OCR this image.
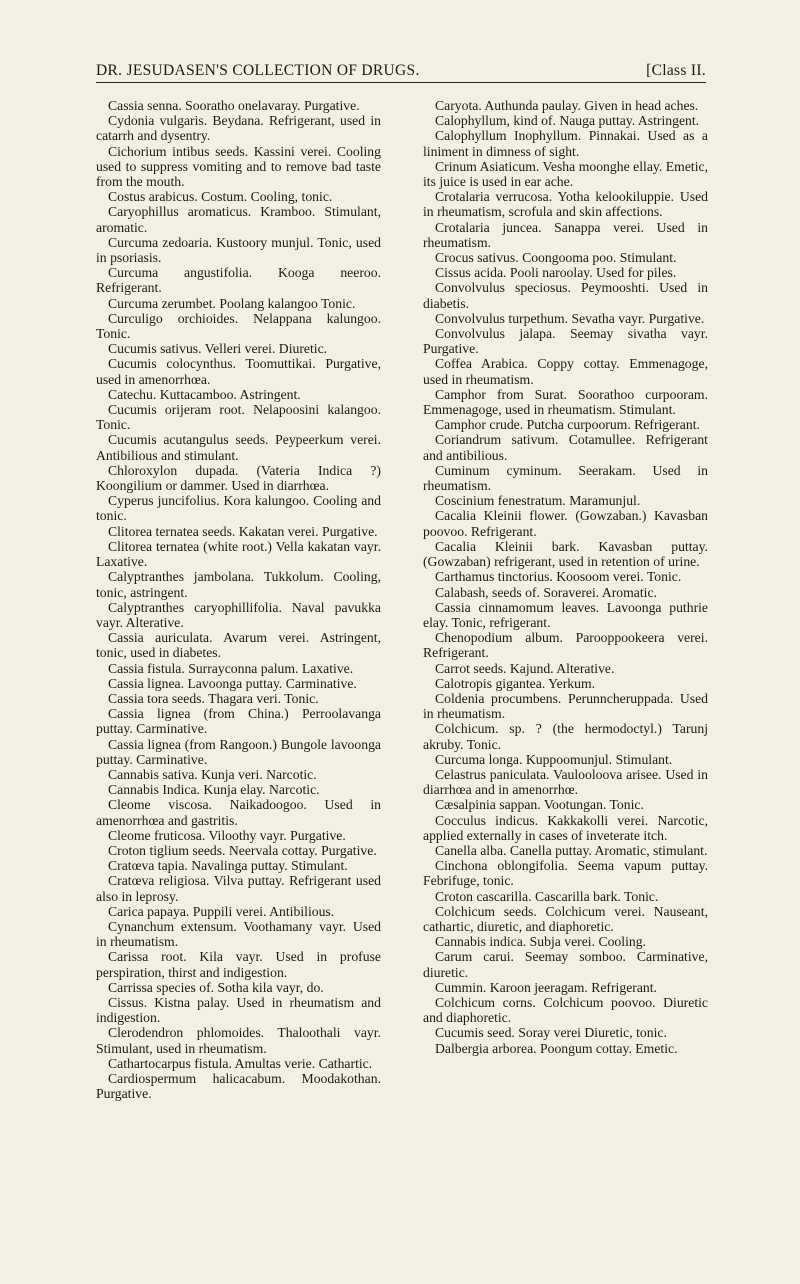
DR. JESUDASEN'S COLLECTION OF DRUGS.	[Class II.

Cassia senna. Sooratho onelavaray. Purgative.

Cydonia vulgaris. Beydana. Refrigerant, used in catarrh and dysentry.

Cichorium intibus seeds. Kassini verei. Cooling used to suppress vomiting and to remove bad taste from the mouth.

Costus arabicus. Costum. Cooling, tonic.

Caryophillus aromaticus. Kramboo. Stimulant, aromatic.

Curcuma zedoaria. Kustoory munjul. Tonic, used in psoriasis.

Curcuma angustifolia. Kooga neeroo. Refrigerant.

Curcuma zerumbet. Poolang kalangoo Tonic.

Curculigo orchioides. Nelappana kalungoo. Tonic.

Cucumis sativus. Velleri verei. Diuretic.

Cucumis colocynthus. Toomuttikai. Purgative, used in amenorrhœa.

Catechu. Kuttacamboo. Astringent.

Cucumis orijeram root. Nelapoosini kalangoo. Tonic.

Cucumis acutangulus seeds. Peypeerkum verei. Antibilious and stimulant.

Chloroxylon dupada. (Vateria Indica ?) Koongilium or dammer. Used in diarrhœa.

Cyperus juncifolius. Kora kalungoo. Cooling and tonic.

Clitorea ternatea seeds. Kakatan verei. Purgative.

Clitorea ternatea (white root.) Vella kakatan vayr. Laxative.

Calyptranthes jambolana. Tukkolum. Cooling, tonic, astringent.

Calyptranthes caryophillifolia. Naval pavukka vayr. Alterative.

Cassia auriculata. Avarum verei. Astringent, tonic, used in diabetes.

Cassia fistula. Surrayconna palum. Laxative.

Cassia lignea. Lavoonga puttay. Carminative.

Cassia tora seeds. Thagara veri. Tonic.

Cassia lignea (from China.) Perroolavanga puttay. Carminative.

Cassia lignea (from Rangoon.) Bungole lavoonga puttay. Carminative.

Cannabis sativa. Kunja veri. Narcotic.

Cannabis Indica. Kunja elay. Narcotic.

Cleome viscosa. Naikadoogoo. Used in amenorrhœa and gastritis.

Cleome fruticosa. Viloothy vayr. Purgative.

Croton tiglium seeds. Neervala cottay. Purgative.

Cratœva tapia. Navalinga puttay. Stimulant.

Cratœva religiosa. Vilva puttay. Refrigerant used also in leprosy.

Carica papaya. Puppili verei. Antibilious.

Cynanchum extensum. Voothamany vayr. Used in rheumatism.

Carissa root. Kila vayr. Used in profuse perspiration, thirst and indigestion.

Carrissa species of. Sotha kila vayr, do.

Cissus. Kistna palay. Used in rheumatism and indigestion.

Clerodendron phlomoides. Thaloothali vayr. Stimulant, used in rheumatism.

Cathartocarpus fistula. Amultas verie. Cathartic.

Cardiospermum halicacabum. Moodakothan. Purgative.

Caryota. Authunda paulay. Given in head aches.

Calophyllum, kind of. Nauga puttay. Astringent.

Calophyllum Inophyllum. Pinnakai. Used as a liniment in dimness of sight.

Crinum Asiaticum. Vesha moonghe ellay. Emetic, its juice is used in ear ache.

Crotalaria verrucosa. Yotha kelookiluppie. Used in rheumatism, scrofula and skin affections.

Crotalaria juncea. Sanappa verei. Used in rheumatism.

Crocus sativus. Coongooma poo. Stimulant.

Cissus acida. Pooli naroolay. Used for piles.

Convolvulus speciosus. Peymooshti. Used in diabetis.

Convolvulus turpethum. Sevatha vayr. Purgative.

Convolvulus jalapa. Seemay sivatha vayr. Purgative.

Coffea Arabica. Coppy cottay. Emmenagoge, used in rheumatism.

Camphor from Surat. Soorathoo curpooram. Emmenagoge, used in rheumatism. Stimulant.

Camphor crude. Putcha curpoorum. Refrigerant.

Coriandrum sativum. Cotamullee. Refrigerant and antibilious.

Cuminum cyminum. Seerakam. Used in rheumatism.

Coscinium fenestratum. Maramunjul.

Cacalia Kleinii flower. (Gowzaban.) Kavasban poovoo. Refrigerant.

Cacalia Kleinii bark. Kavasban puttay. (Gowzaban) refrigerant, used in retention of urine.

Carthamus tinctorius. Koosoom verei. Tonic.

Calabash, seeds of. Soraverei. Aromatic.

Cassia cinnamomum leaves. Lavoonga puthrie elay. Tonic, refrigerant.

Chenopodium album. Parooppookeera verei. Refrigerant.

Carrot seeds. Kajund. Alterative.

Calotropis gigantea. Yerkum.

Coldenia procumbens. Perunncheruppada. Used in rheumatism.

Colchicum. sp. ? (the hermodoctyl.) Tarunj akruby. Tonic.

Curcuma longa. Kuppoomunjul. Stimulant.

Celastrus paniculata. Vaulooloova arisee. Used in diarrhœa and in amenorrhœ.

Cæsalpinia sappan. Vootungan. Tonic.

Cocculus indicus. Kakkakolli verei. Narcotic, applied externally in cases of inveterate itch.

Canella alba. Canella puttay. Aromatic, stimulant.

Cinchona oblongifolia. Seema vapum puttay. Febrifuge, tonic.

Croton cascarilla. Cascarilla bark. Tonic.

Colchicum seeds. Colchicum verei. Nauseant, cathartic, diuretic, and diaphoretic.

Cannabis indica. Subja verei. Cooling.

Carum carui. Seemay somboo. Carminative, diuretic.

Cummin. Karoon jeeragam. Refrigerant.

Colchicum corns. Colchicum poovoo. Diuretic and diaphoretic.

Cucumis seed. Soray verei Diuretic, tonic.

Dalbergia arborea. Poongum cottay. Emetic.
